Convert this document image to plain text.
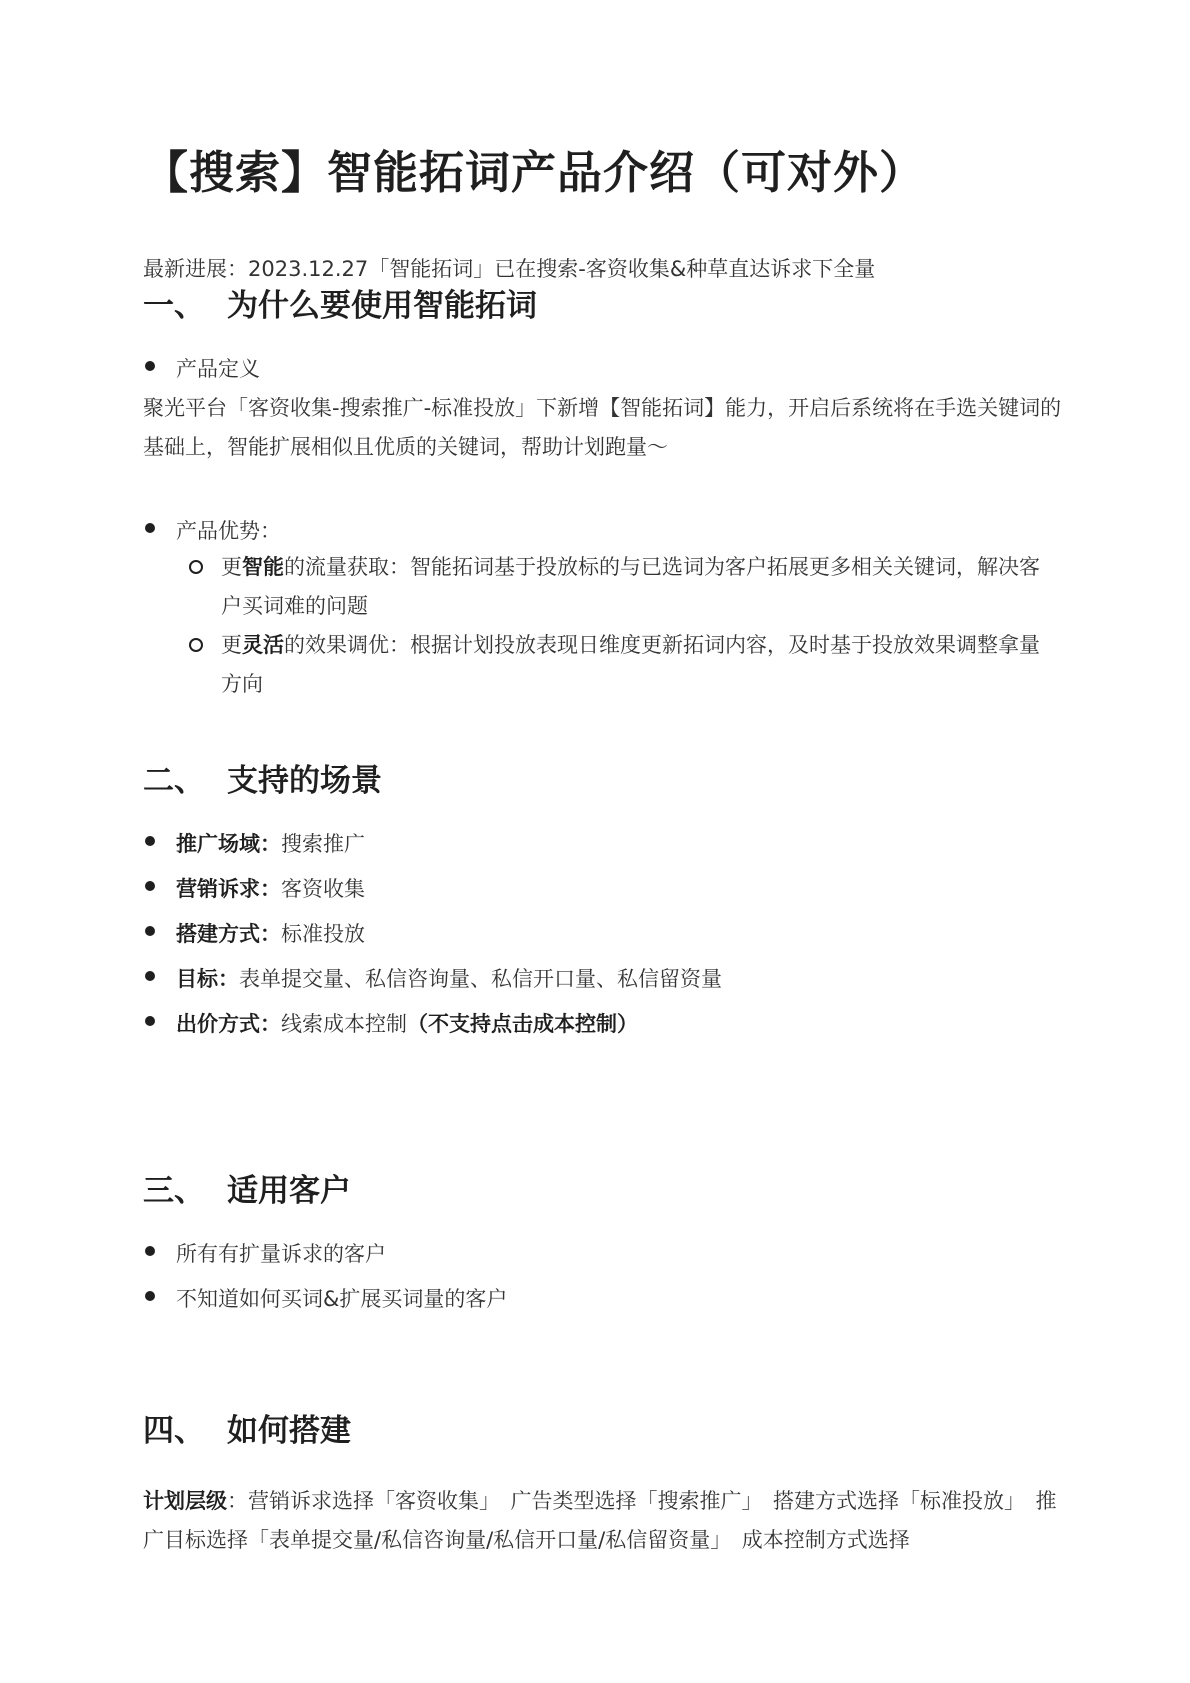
【搜索】智能拓词产品介绍（可对外）
最新进展：2023.12.27「智能拓词」已在搜索-客资收集&种草直达诉求下全量
一、 为什么要使用智能拓词
产品定义
聚光平台「客资收集-搜索推广-标准投放」下新增【智能拓词】能力，开启后系统将在手选关键词的基础上，智能扩展相似且优质的关键词，帮助计划跑量～
产品优势：
更智能的流量获取：智能拓词基于投放标的与已选词为客户拓展更多相关关键词，解决客户买词难的问题
更灵活的效果调优：根据计划投放表现日维度更新拓词内容，及时基于投放效果调整拿量方向
二、 支持的场景
推广场域：搜索推广
营销诉求：客资收集
搭建方式：标准投放
目标：表单提交量、私信咨询量、私信开口量、私信留资量
出价方式：线索成本控制（不支持点击成本控制）
三、 适用客户
所有有扩量诉求的客户
不知道如何买词&扩展买词量的客户
四、 如何搭建
计划层级：营销诉求选择「客资收集」　广告类型选择「搜索推广」　搭建方式选择「标准投放」　推广目标选择「表单提交量/私信咨询量/私信开口量/私信留资量」　成本控制方式选择
